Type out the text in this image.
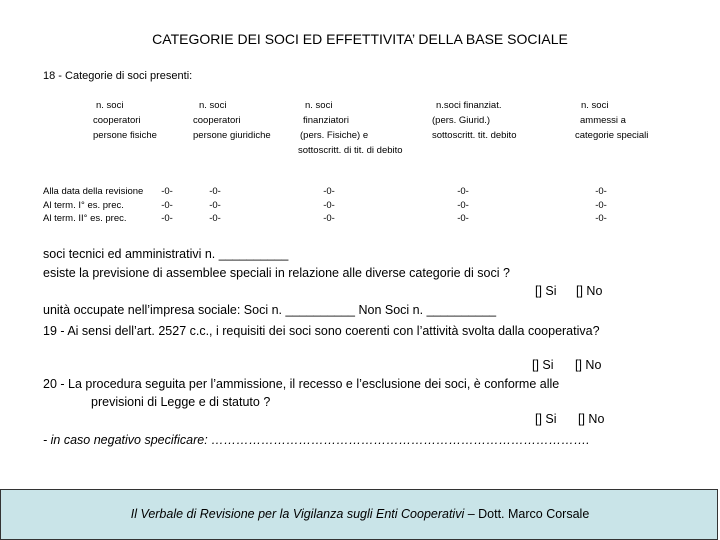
CATEGORIE DEI SOCI ED EFFETTIVITA’ DELLA BASE SOCIALE
18 - Categorie di soci presenti:
n. soci
cooperatori
persone fisiche
n. soci
cooperatori
persone giuridiche
n. soci
finanziatori
(pers. Fisiche) e
sottoscritt. di tit. di debito
n.soci finanziat.
(pers. Giurid.)
sottoscritt. tit. debito
n. soci
ammessi a
categorie speciali
Alla data della revisione
Al term. I° es. prec.
Al term. II° es. prec.
-0-
-0-
-0-
-0-
-0-
-0-
-0-
-0-
-0-
-0-
-0-
-0-
-0-
-0-
-0-
soci tecnici ed amministrativi n. __________
esiste la previsione di assemblee speciali in relazione alle diverse categorie di soci ?
[] Si [] No
unità occupate nell’impresa sociale: Soci n. __________ Non Soci n. __________
19 - Ai sensi dell’art. 2527 c.c., i requisiti dei soci sono coerenti con l’attività svolta dalla cooperativa?
[] Si [] No
20 - La procedura seguita per l’ammissione, il recesso e l’esclusione dei soci, è conforme alle
previsioni di Legge e di statuto ?
[] Si [] No
- in caso negativo specificare: ……………………………………………………………………………….
Il Verbale di Revisione per la Vigilanza sugli Enti Cooperativi – Dott. Marco Corsale
